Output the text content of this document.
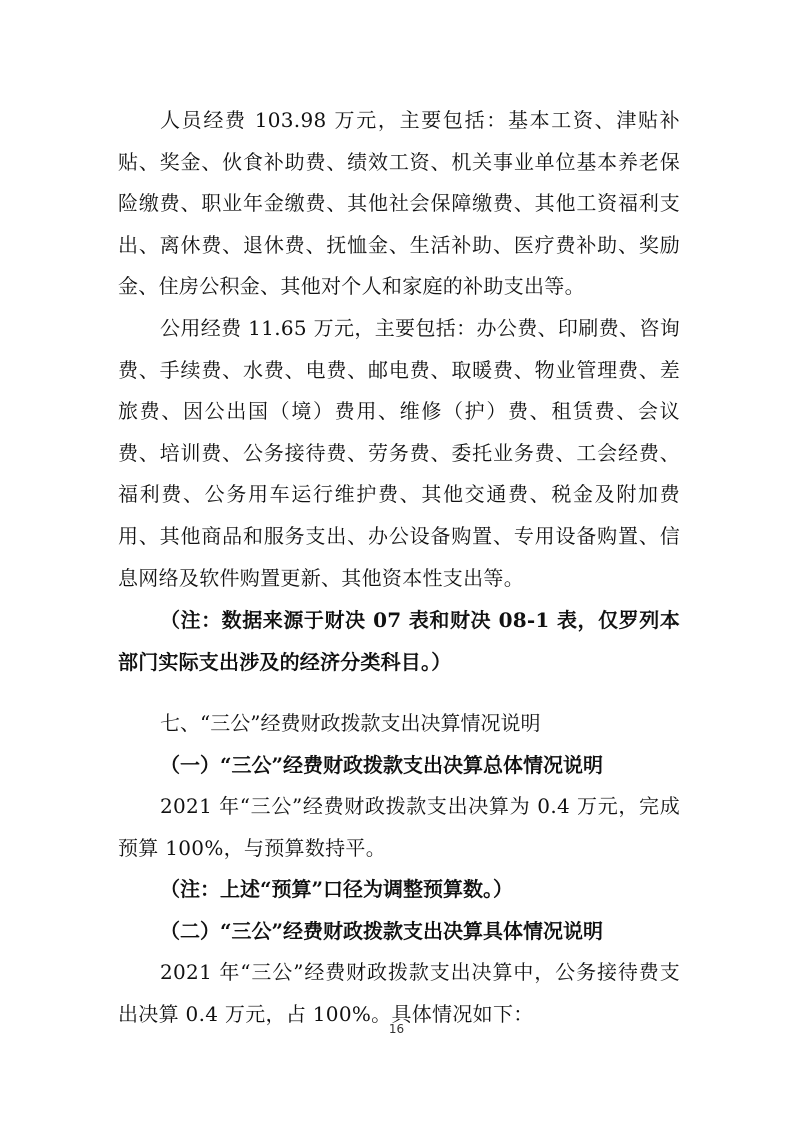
人员经费 103.98 万元，主要包括：基本工资、津贴补贴、奖金、伙食补助费、绩效工资、机关事业单位基本养老保险缴费、职业年金缴费、其他社会保障缴费、其他工资福利支出、离休费、退休费、抚恤金、生活补助、医疗费补助、奖励金、住房公积金、其他对个人和家庭的补助支出等。

公用经费 11.65 万元，主要包括：办公费、印刷费、咨询费、手续费、水费、电费、邮电费、取暖费、物业管理费、差旅费、因公出国（境）费用、维修（护）费、租赁费、会议费、培训费、公务接待费、劳务费、委托业务费、工会经费、福利费、公务用车运行维护费、其他交通费、税金及附加费用、其他商品和服务支出、办公设备购置、专用设备购置、信息网络及软件购置更新、其他资本性支出等。

（注：数据来源于财决 07 表和财决 08-1 表，仅罗列本部门实际支出涉及的经济分类科目。）

七、“三公”经费财政拨款支出决算情况说明

（一）“三公”经费财政拨款支出决算总体情况说明

2021 年“三公”经费财政拨款支出决算为 0.4 万元，完成预算 100%，与预算数持平。

（注：上述“预算”口径为调整预算数。）

（二）“三公”经费财政拨款支出决算具体情况说明

2021 年“三公”经费财政拨款支出决算中，公务接待费支出决算 0.4 万元，占 100%。具体情况如下：

16
